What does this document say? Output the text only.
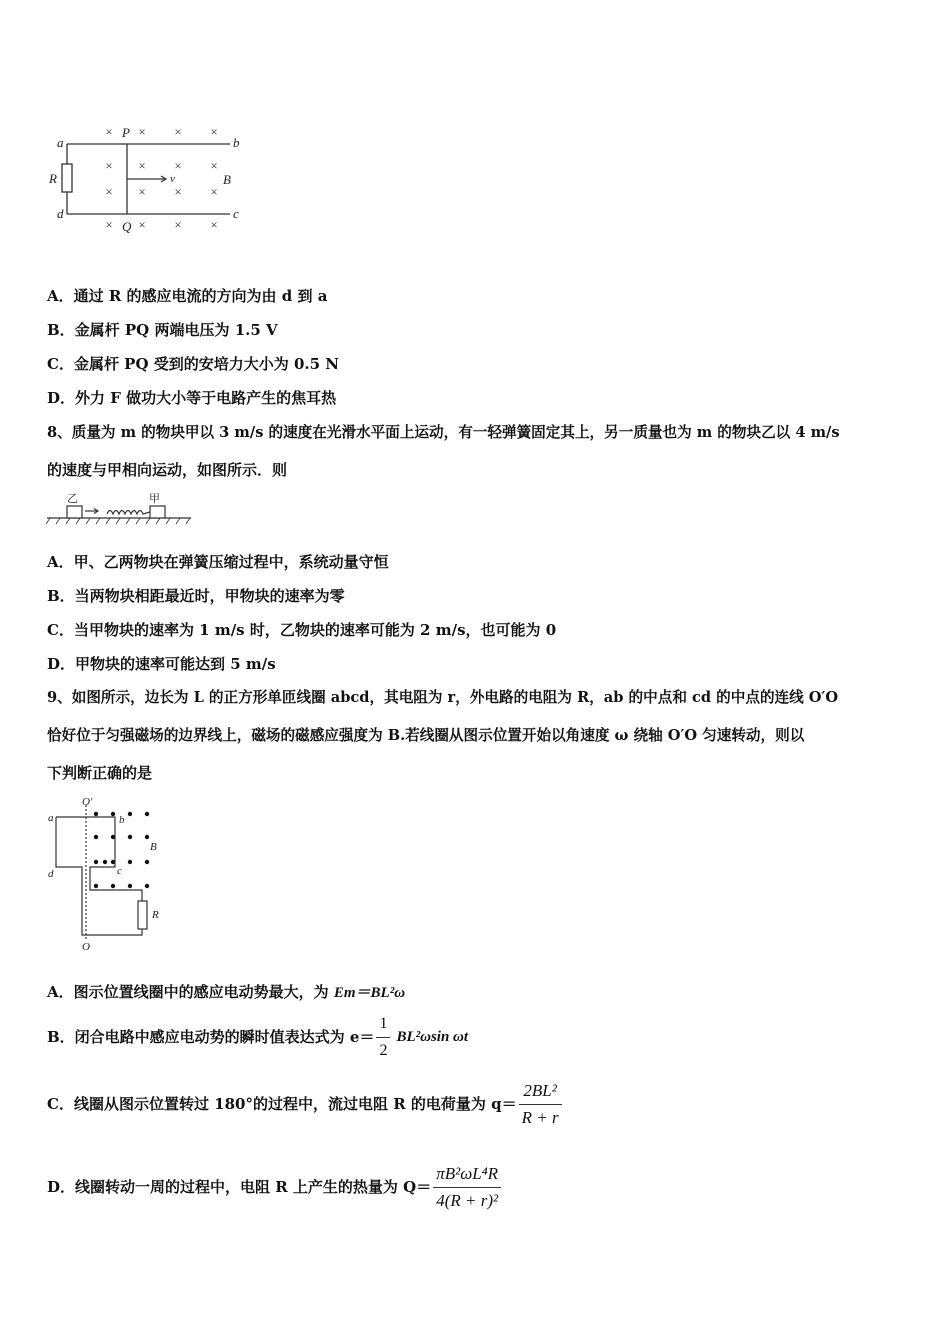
× × × ×
× × × ×
× × × ×
× × × ×
a	b
c
d
P
Q
R	B
v
A．通过 R 的感应电流的方向为由 d 到 a
B．金属杆 PQ 两端电压为 1.5 V
C．金属杆 PQ 受到的安培力大小为 0.5 N
D．外力 F 做功大小等于电路产生的焦耳热
8、质量为 m 的物块甲以 3 m/s 的速度在光滑水平面上运动，有一轻弹簧固定其上，另一质量也为 m 的物块乙以 4 m/s
的速度与甲相向运动，如图所示．则
乙	甲
A．甲、乙两物块在弹簧压缩过程中，系统动量守恒
B．当两物块相距最近时，甲物块的速率为零
C．当甲物块的速率为 1 m/s 时，乙物块的速率可能为 2 m/s，也可能为 0
D．甲物块的速率可能达到 5 m/s
9、如图所示，边长为 L 的正方形单匝线圈 abcd，其电阻为 r，外电路的电阻为 R，ab 的中点和 cd 的中点的连线 O′O
恰好位于匀强磁场的边界线上，磁场的磁感应强度为 B.若线圈从图示位置开始以角速度 ω 绕轴 O′O 匀速转动，则以
下判断正确的是
O′
O
a	b
c
d
B
R
A．图示位置线圈中的感应电动势最大，为 Em＝BL²ω
B．闭合电路中感应电动势的瞬时值表达式为 $e= \frac{1}{2} BL^2\omega\sin$ ωt
C．线圈从图示位置转过 180°的过程中，流过电阻 R 的电荷量为 $q= \frac{\text{2BL²}}{R + r}$
D．线圈转动一周的过程中，电阻 R 上产生的热量为 $Q= \frac{\text{πB²ωL⁴R}}{\text{4(R + r)²}}$
